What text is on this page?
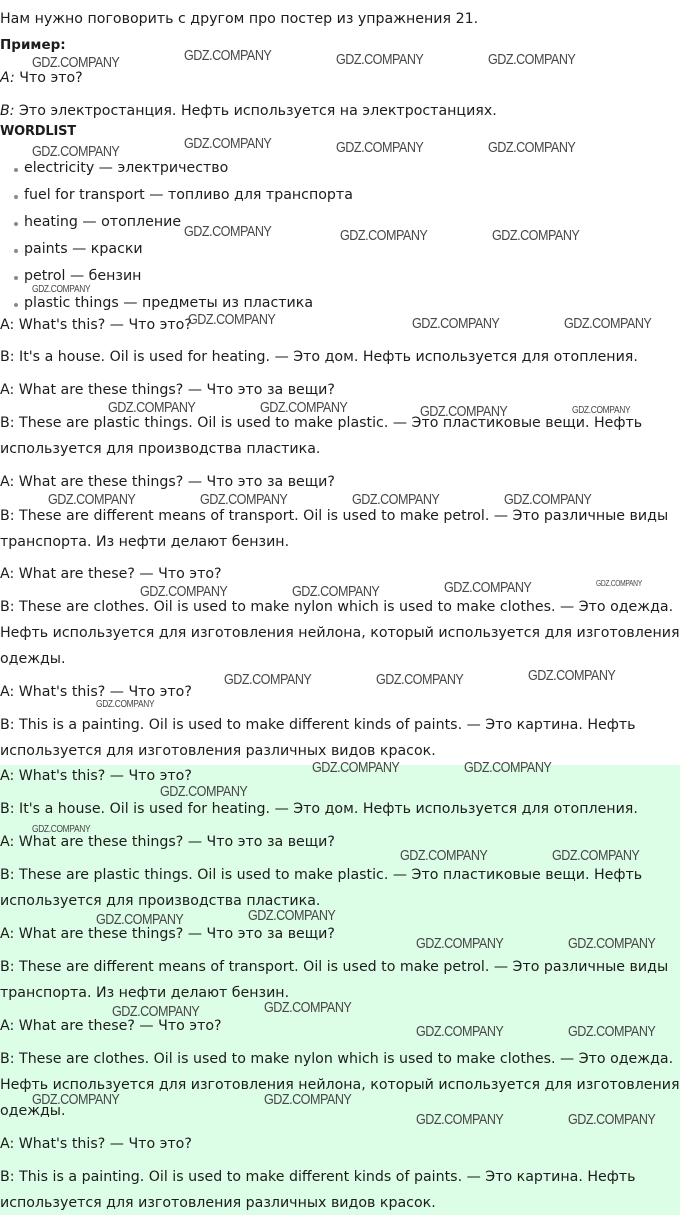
Нам нужно поговорить с другом про постер из упражнения 21.

Пример:

A: Что это?

B: Это электростанция. Нефть используется на электростанциях.

WORDLIST

electricity — электричество
fuel for transport — топливо для транспорта
heating — отопление
paints — краски
petrol — бензин
plastic things — предметы из пластика

A: What's this? — Что это?

B: It's a house. Oil is used for heating. — Это дом. Нефть используется для отопления.

A: What are these things? — Что это за вещи?

B: These are plastic things. Oil is used to make plastic. — Это пластиковые вещи. Нефть используется для производства пластика.

A: What are these things? — Что это за вещи?

B: These are different means of transport. Oil is used to make petrol. — Это различные виды транспорта. Из нефти делают бензин.

A: What are these? — Что это?

B: These are clothes. Oil is used to make nylon which is used to make clothes. — Это одежда. Нефть используется для изготовления нейлона, который используется для изготовления одежды.

A: What's this? — Что это?

B: This is a painting. Oil is used to make different kinds of paints. — Это картина. Нефть используется для изготовления различных видов красок.

A: What's this? — Что это?

B: It's a house. Oil is used for heating. — Это дом. Нефть используется для отопления.

A: What are these things? — Что это за вещи?

B: These are plastic things. Oil is used to make plastic. — Это пластиковые вещи. Нефть используется для производства пластика.

A: What are these things? — Что это за вещи?

B: These are different means of transport. Oil is used to make petrol. — Это различные виды транспорта. Из нефти делают бензин.

A: What are these? — Что это?

B: These are clothes. Oil is used to make nylon which is used to make clothes. — Это одежда. Нефть используется для изготовления нейлона, который используется для изготовления одежды.

A: What's this? — Что это?

B: This is a painting. Oil is used to make different kinds of paints. — Это картина. Нефть используется для изготовления различных видов красок.

GDZ.COMPANY	GDZ.COMPANY	GDZ.COMPANY	GDZ.COMPANY
GDZ.COMPANY	GDZ.COMPANY	GDZ.COMPANY	GDZ.COMPANY
GDZ.COMPANY	GDZ.COMPANY	GDZ.COMPANY
GDZ.COMPANY
GDZ.COMPANY	GDZ.COMPANY	GDZ.COMPANY
GDZ.COMPANY	GDZ.COMPANY	GDZ.COMPANY	GDZ.COMPANY
GDZ.COMPANY	GDZ.COMPANY	GDZ.COMPANY	GDZ.COMPANY
GDZ.COMPANY	GDZ.COMPANY	GDZ.COMPANY	GDZ.COMPANY
GDZ.COMPANY	GDZ.COMPANY	GDZ.COMPANY
GDZ.COMPANY
GDZ.COMPANY	GDZ.COMPANY
GDZ.COMPANY
GDZ.COMPANY
GDZ.COMPANY	GDZ.COMPANY
GDZ.COMPANY	GDZ.COMPANY
GDZ.COMPANY	GDZ.COMPANY
GDZ.COMPANY
GDZ.COMPANY
GDZ.COMPANY	GDZ.COMPANY
GDZ.COMPANY	GDZ.COMPANY
GDZ.COMPANY	GDZ.COMPANY
